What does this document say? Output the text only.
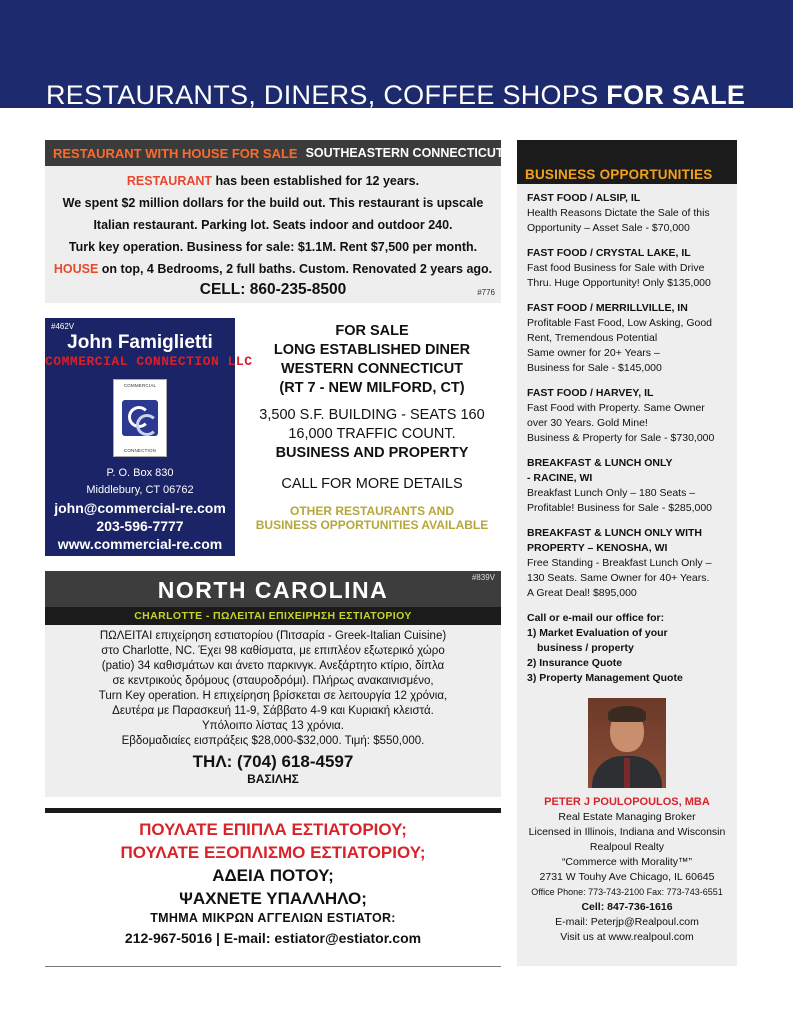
RESTAURANTS, DINERS, COFFEE SHOPS FOR SALE
RESTAURANT WITH HOUSE FOR SALE SOUTHEASTERN CONNECTICUT
RESTAURANT has been established for 12 years.
We spent $2 million dollars for the build out. This restaurant is upscale
Italian restaurant. Parking lot. Seats indoor and outdoor 240.
Turk key operation. Business for sale: $1.1M. Rent $7,500 per month.
HOUSE on top, 4 Bedrooms, 2 full baths. Custom. Renovated 2 years ago.
CELL: 860-235-8500	#776
#462V
John Famiglietti
COMMERCIAL CONNECTION LLC
COMMERCIAL
CONNECTION
P. O. Box 830
Middlebury, CT 06762
john@commercial-re.com
203-596-7777
www.commercial-re.com
FOR SALE
LONG ESTABLISHED DINER
WESTERN CONNECTICUT
(RT 7 - NEW MILFORD, CT)
3,500 S.F. BUILDING - SEATS 160
16,000 TRAFFIC COUNT.
BUSINESS AND PROPERTY
CALL FOR MORE DETAILS
OTHER RESTAURANTS AND
BUSINESS OPPORTUNITIES AVAILABLE
NORTH CAROLINA	#839V
CHARLOTTE - ΠΩΛΕΙΤΑΙ ΕΠΙΧΕΙΡΗΣΗ ΕΣΤΙΑΤΟΡΙΟΥ
ΠΩΛΕΙΤΑΙ επιχείρηση εστιατορίου (Πιτσαρία - Greek-Italian Cuisine)
στο Charlotte, NC. Έχει 98 καθίσματα, με επιπλέον εξωτερικό χώρο
(patio) 34 καθισμάτων και άνετο παρκινγκ. Ανεξάρτητο κτίριο, δίπλα
σε κεντρικούς δρόμους (σταυροδρόμι). Πλήρως ανακαινισμένο,
Turn Key operation. Η επιχείρηση βρίσκεται σε λειτουργία 12 χρόνια,
Δευτέρα με Παρασκευή 11-9, Σάββατο 4-9 και Κυριακή κλειστά.
Υπόλοιπο λίστας 13 χρόνια.
Εβδομαδιαίες εισπράξεις $28,000-$32,000. Τιμή: $550,000.
ΤΗΛ: (704) 618-4597
ΒΑΣΙΛΗΣ
ΠΟΥΛΑΤΕ ΕΠΙΠΛΑ ΕΣΤΙΑΤΟΡΙΟΥ;
ΠΟΥΛΑΤΕ ΕΞΟΠΛΙΣΜΟ ΕΣΤΙΑΤΟΡΙΟΥ;
ΑΔΕΙΑ ΠΟΤΟΥ;
ΨΑΧΝΕΤΕ ΥΠΑΛΛΗΛΟ;
ΤΜΗΜΑ ΜΙΚΡΩΝ ΑΓΓΕΛΙΩΝ ESTIATOR:
212-967-5016 | E-mail: estiator@estiator.com
BUSINESS OPPORTUNITIES
FAST FOOD / ALSIP, IL
Health Reasons Dictate the Sale of this
Opportunity – Asset Sale - $70,000
FAST FOOD / CRYSTAL LAKE, IL
Fast food Business for Sale with Drive
Thru. Huge Opportunity! Only $135,000
FAST FOOD / MERRILLVILLE, IN
Profitable Fast Food, Low Asking, Good
Rent, Tremendous Potential
Same owner for 20+ Years –
Business for Sale - $145,000
FAST FOOD / HARVEY, IL
Fast Food with Property. Same Owner
over 30 Years. Gold Mine!
Business & Property for Sale - $730,000
BREAKFAST & LUNCH ONLY
- RACINE, WI
Breakfast Lunch Only – 180 Seats –
Profitable! Business for Sale - $285,000
BREAKFAST & LUNCH ONLY WITH
PROPERTY – KENOSHA, WI
Free Standing - Breakfast Lunch Only –
130 Seats. Same Owner for 40+ Years.
A Great Deal! $895,000
Call or e-mail our office for:
1) Market Evaluation of your
business / property
2) Insurance Quote
3) Property Management Quote
PETER J POULOPOULOS, MBA
Real Estate Managing Broker
Licensed in Illinois, Indiana and Wisconsin
Realpoul Realty
“Commerce with Morality™”
2731 W Touhy Ave Chicago, IL 60645
Office Phone: 773-743-2100 Fax: 773-743-6551
Cell: 847-736-1616
E-mail: Peterjp@Realpoul.com
Visit us at www.realpoul.com
